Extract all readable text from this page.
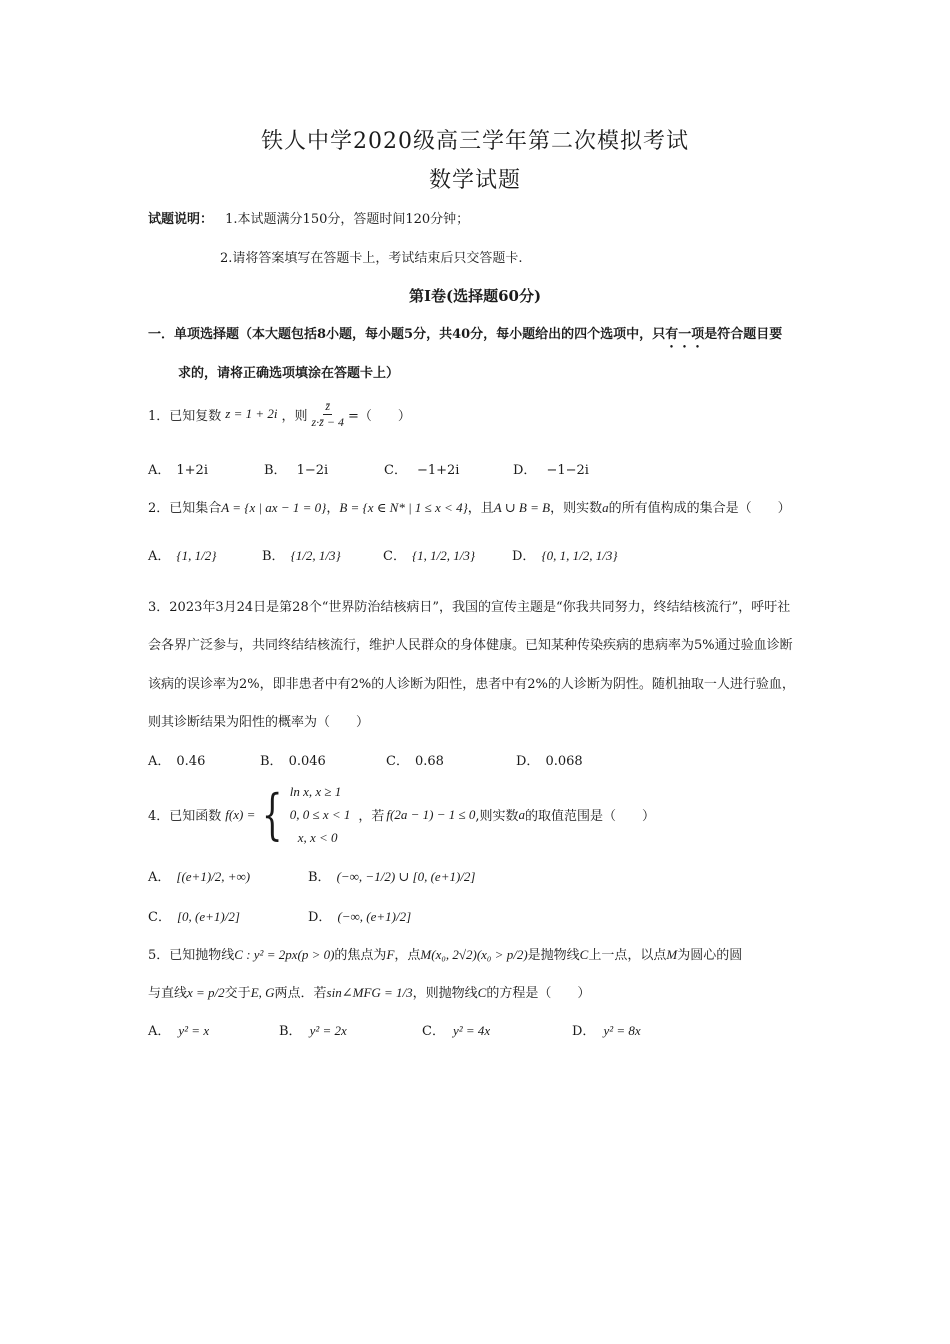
铁人中学2020级高三学年第二次模拟考试
数学试题
试题说明： 1.本试题满分150分，答题时间120分钟；
2.请将答案填写在答题卡上，考试结束后只交答题卡.
第Ⅰ卷(选择题60分)
一．单项选择题（本大题包括8小题，每小题5分，共40分，每小题给出的四个选项中，只有一项是符合题目要
求的，请将正确选项填涂在答题卡上）
1．已知复数 z = 1 + 2i ，则 $\frac{z̄}{z\cdot z̄ - 4}$ =（　　）
A． 1+2i	B． 1−2i	C． −1+2i	D． −1−2i
2．已知集合A = {x | ax − 1 = 0}，B = {x ∈ N* | 1 ≤ x < 4}，且A ∪ B = B，则实数a的所有值构成的集合是（　　）
A． {1, 1/2}	B． {1/2, 1/3}	C． {1, 1/2, 1/3}	D． {0, 1, 1/2, 1/3}
3．2023年3月24日是第28个“世界防治结核病日”，我国的宣传主题是“你我共同努力，终结结核流行”，呼吁社
会各界广泛参与，共同终结结核流行，维护人民群众的身体健康。已知某种传染疾病的患病率为5%通过验血诊断
该病的误诊率为2%，即非患者中有2%的人诊断为阳性，患者中有2%的人诊断为阴性。随机抽取一人进行验血，
则其诊断结果为阳性的概率为（　　）
A． 0.46	B． 0.046	C． 0.68	D． 0.068
4．已知函数 f(x) = { ln x, x ≥ 1
0, 0 ≤ x < 1
x, x < 0
，若 f(2a − 1) − 1 ≤ 0 ,则实数 a 的取值范围是（　　）
A． [(e+1)/2, +∞)	B． (−∞, −1/2) ∪ [0, (e+1)/2]
C． [0, (e+1)/2]	D． (−∞, (e+1)/2]
5．已知抛物线C : y² = 2px(p > 0)的焦点为F，点M(x₀, 2√2)(x₀ > p/2)是抛物线C上一点，以点M为圆心的圆
与直线x = p/2交于E, G两点．若sin∠MFG = 1/3，则抛物线C的方程是（　　）
A． y² = x	B． y² = 2x	C． y² = 4x	D． y² = 8x
